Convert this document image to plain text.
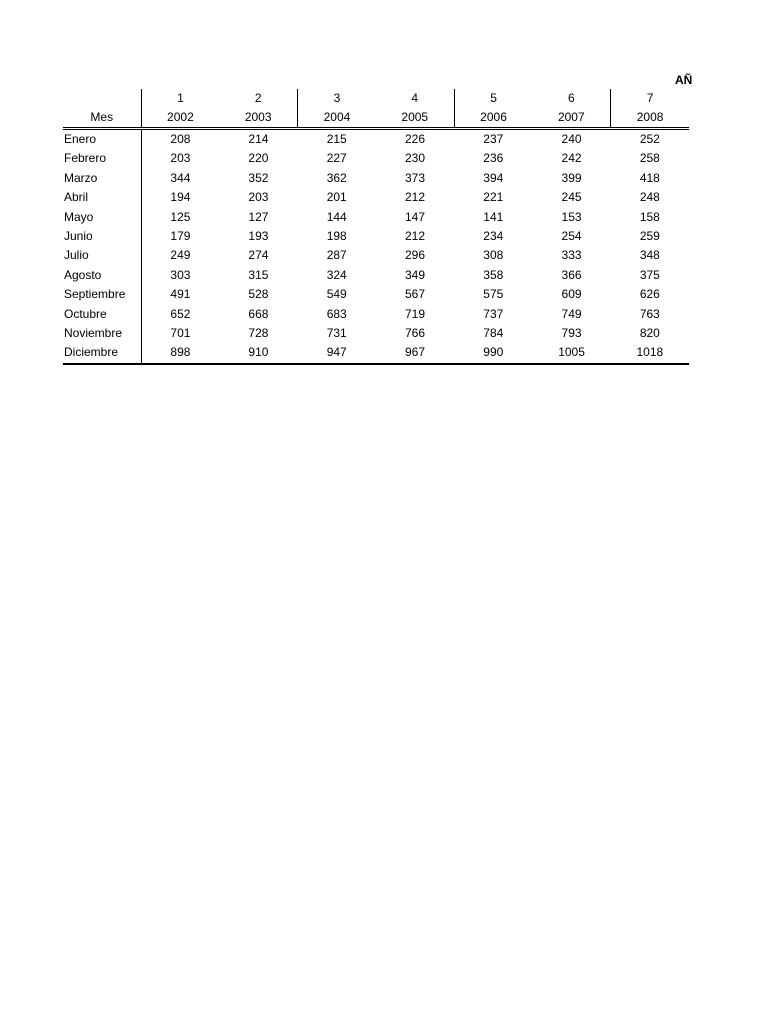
AÑ
	1	2	3	4	5	6	7
Mes	2002	2003	2004	2005	2006	2007	2008
Enero	208	214	215	226	237	240	252
Febrero	203	220	227	230	236	242	258
Marzo	344	352	362	373	394	399	418
Abril	194	203	201	212	221	245	248
Mayo	125	127	144	147	141	153	158
Junio	179	193	198	212	234	254	259
Julio	249	274	287	296	308	333	348
Agosto	303	315	324	349	358	366	375
Septiembre	491	528	549	567	575	609	626
Octubre	652	668	683	719	737	749	763
Noviembre	701	728	731	766	784	793	820
Diciembre	898	910	947	967	990	1005	1018
